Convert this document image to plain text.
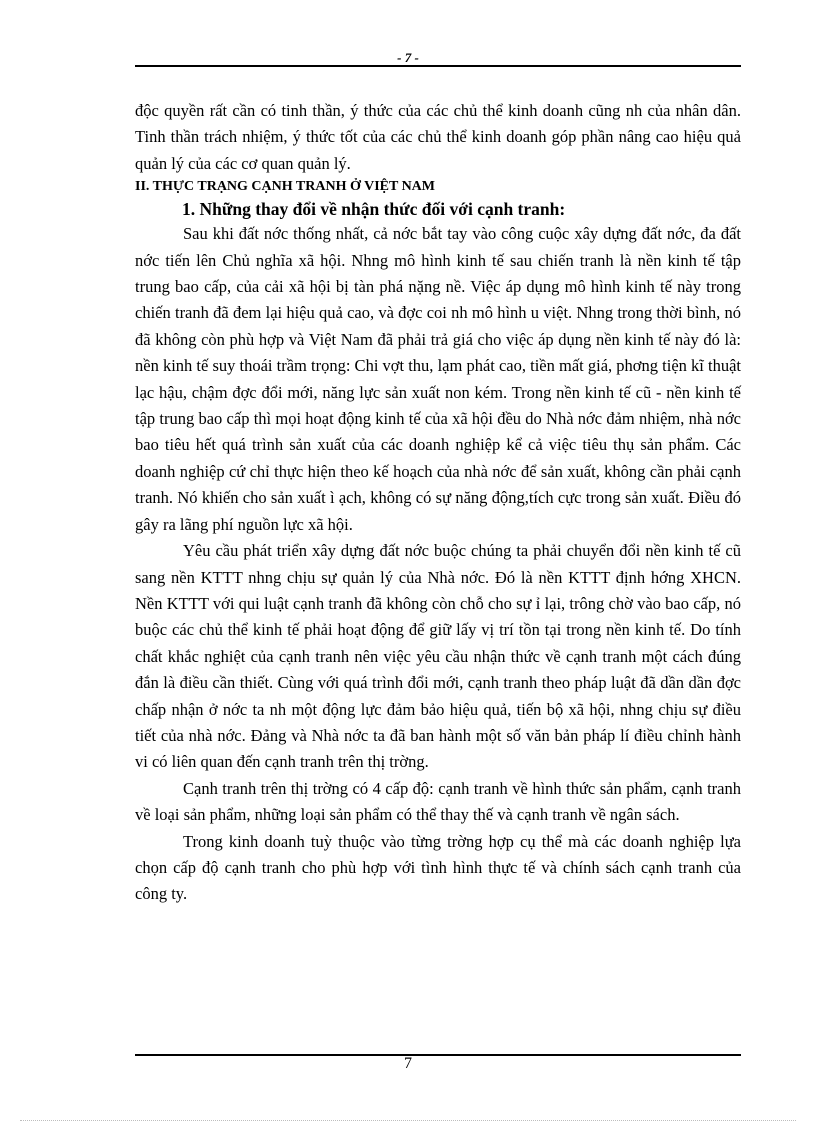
- 7 -

độc quyền rất cần có tinh thần, ý thức của các chủ thể kinh doanh cũng nh của nhân dân. Tinh thần trách nhiệm, ý thức tốt của các chủ thể kinh doanh góp phần nâng cao hiệu quả quản lý của các cơ quan quản lý.

II. THỰC TRẠNG CẠNH TRANH Ở VIỆT NAM

1. Những thay đổi về nhận thức đối với cạnh tranh:

Sau khi đất nớc thống nhất, cả nớc bắt tay vào công cuộc xây dựng đất nớc, đa đất nớc tiến lên Chủ nghĩa xã hội. Nhng mô hình kinh tế sau chiến tranh là nền kinh tế tập trung bao cấp, của cải xã hội bị tàn phá nặng nề. Việc áp dụng mô hình kinh tế này trong chiến tranh đã đem lại hiệu quả cao, và đợc coi nh mô hình u việt. Nhng trong thời bình, nó đã không còn phù hợp và Việt Nam đã phải trả giá cho việc áp dụng nền kinh tế này đó là: nền kinh tế suy thoái trầm trọng: Chi vợt thu, lạm phát cao, tiền mất giá, phơng tiện kĩ thuật lạc hậu, chậm đợc đổi mới, năng lực sản xuất non kém. Trong nền kinh tế cũ - nền kinh tế tập trung bao cấp thì mọi hoạt động kinh tế của xã hội đều do Nhà nớc đảm nhiệm, nhà nớc bao tiêu hết quá trình sản xuất của các doanh nghiệp kể cả việc tiêu thụ sản phẩm. Các doanh nghiệp cứ chỉ thực hiện theo kế hoạch của nhà nớc để sản xuất, không cần phải cạnh tranh. Nó khiến cho sản xuất ì ạch, không có sự năng động,tích cực trong sản xuất. Điều đó gây ra lãng phí nguồn lực xã hội.

Yêu cầu phát triển xây dựng đất nớc buộc chúng ta phải chuyển đổi nền kinh tế cũ sang nền KTTT nhng chịu sự quản lý của Nhà nớc. Đó là nền KTTT định hớng XHCN. Nền KTTT với qui luật cạnh tranh đã không còn chỗ cho sự ỉ lại, trông chờ vào bao cấp, nó buộc các chủ thể kinh tế phải hoạt động để giữ lấy vị trí tồn tại trong nền kinh tế. Do tính chất khắc nghiệt của cạnh tranh nên việc yêu cầu nhận thức về cạnh tranh một cách đúng đắn là điều cần thiết. Cùng với quá trình đổi mới, cạnh tranh theo pháp luật đã dần dần đợc chấp nhận ở nớc ta nh một động lực đảm bảo hiệu quả, tiến bộ xã hội, nhng chịu sự điều tiết của nhà nớc. Đảng và Nhà nớc ta đã ban hành một số văn bản pháp lí điều chỉnh hành vi có liên quan đến cạnh tranh trên thị trờng.

Cạnh tranh trên thị trờng có 4 cấp độ: cạnh tranh về hình thức sản phẩm, cạnh tranh về loại sản phẩm, những loại sản phẩm có thể thay thế và cạnh tranh về ngân sách.

Trong kinh doanh tuỳ thuộc vào từng trờng hợp cụ thể mà các doanh nghiệp lựa chọn cấp độ cạnh tranh cho phù hợp với tình hình thực tế và chính sách cạnh tranh của công ty.

7
